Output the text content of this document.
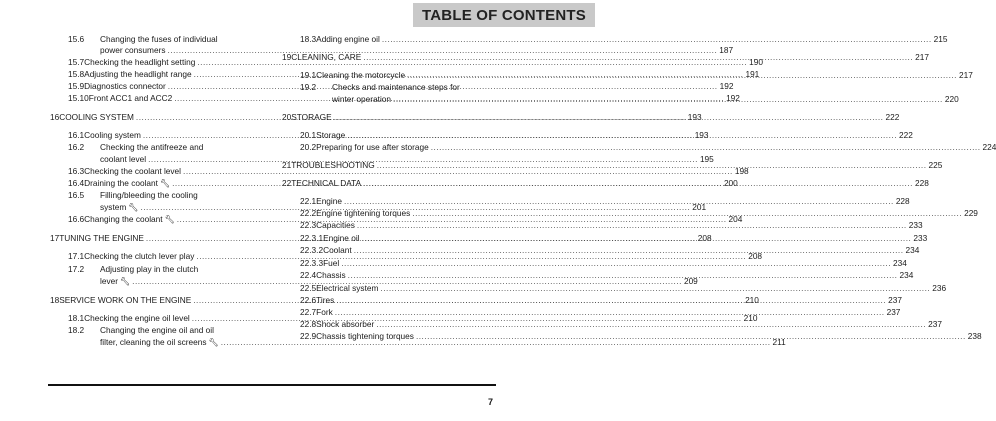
TABLE OF CONTENTS
15.6	Changing the fuses of individual
power consumers .....	187
15.7 Checking the headlight setting .....	190
15.8 Adjusting the headlight range .....	191
15.9 Diagnostics connector .....	192
15.10 Front ACC1 and ACC2 .....	192
16 COOLING SYSTEM .....	193
16.1 Cooling system .....	193
16.2	Checking the antifreeze and
coolant level .....	195
16.3 Checking the coolant level .....	198
16.4 Draining the coolant 🔧︎ .....	200
16.5	Filling/bleeding the cooling
system 🔧︎ .....	201
16.6 Changing the coolant 🔧︎ .....	204
17 TUNING THE ENGINE .....	208
17.1 Checking the clutch lever play .....	208
17.2	Adjusting play in the clutch
lever 🔧︎ .....	209
18 SERVICE WORK ON THE ENGINE .....	210
18.1 Checking the engine oil level .....	210
18.2	Changing the engine oil and oil
filter, cleaning the oil screens 🔧︎ .....	211
18.3 Adding engine oil .....	215
19 CLEANING, CARE .....	217
19.1 Cleaning the motorcycle .....	217
19.2	Checks and maintenance steps for
winter operation .....	220
20 STORAGE .....	222
20.1 Storage .....	222
20.2 Preparing for use after storage .....	224
21 TROUBLESHOOTING .....	225
22 TECHNICAL DATA .....	228
22.1 Engine .....	228
22.2 Engine tightening torques .....	229
22.3 Capacities .....	233
22.3.1 Engine oil .....	233
22.3.2 Coolant .....	234
22.3.3 Fuel .....	234
22.4 Chassis .....	234
22.5 Electrical system .....	236
22.6 Tires .....	237
22.7 Fork .....	237
22.8 Shock absorber .....	237
22.9 Chassis tightening torques .....	238
7
